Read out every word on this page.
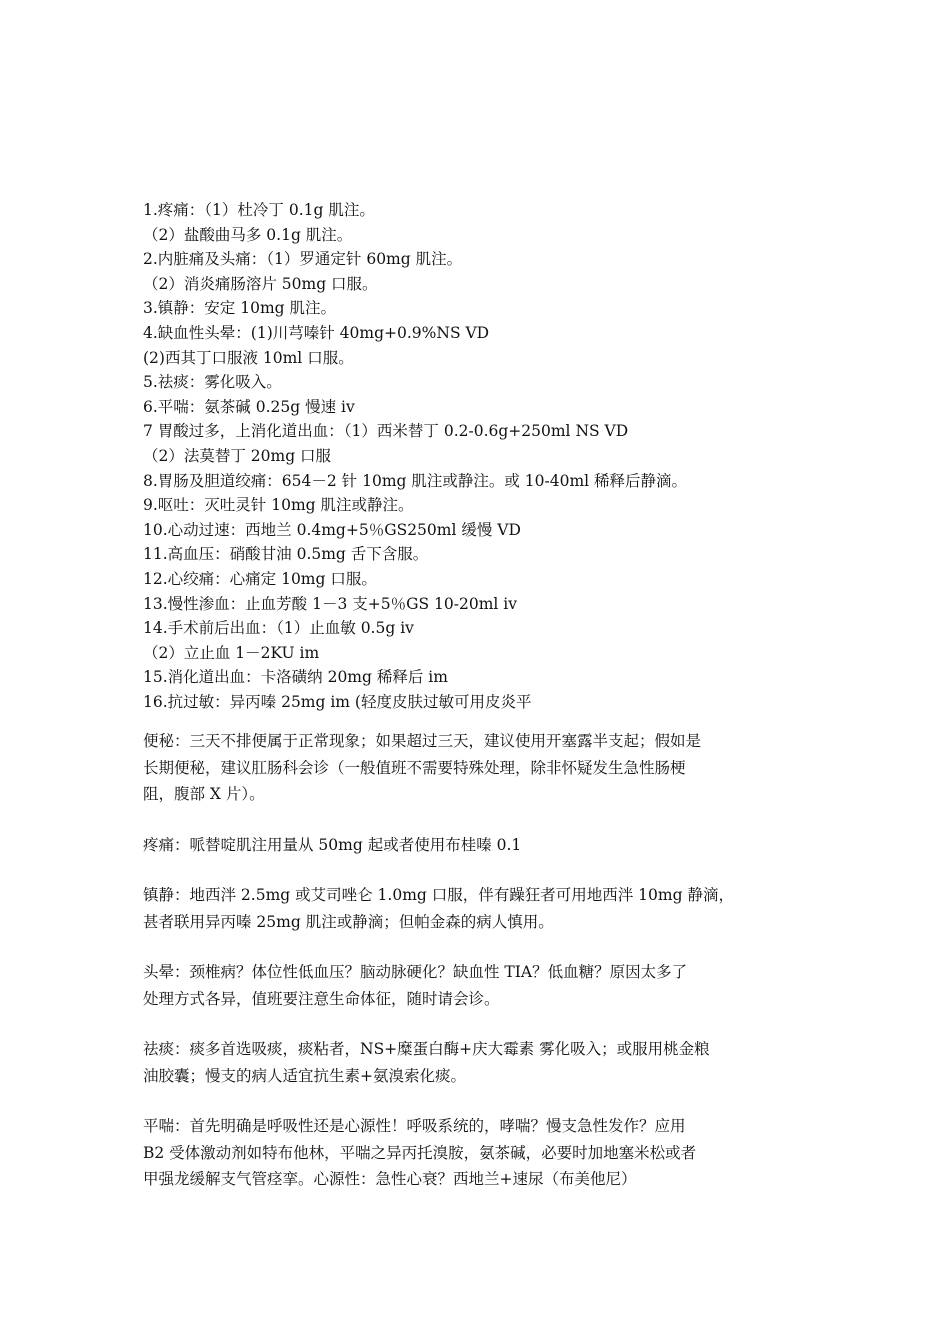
1.疼痛：（1）杜冷丁 0.1g 肌注。
（2）盐酸曲马多 0.1g 肌注。
2.内脏痛及头痛：（1）罗通定针 60mg 肌注。
（2）消炎痛肠溶片 50mg 口服。
3.镇静：安定 10mg 肌注。
4.缺血性头晕：(1)川芎嗪针 40mg+0.9%NS VD
(2)西其丁口服液 10ml 口服。
5.祛痰：雾化吸入。
6.平喘：氨茶碱 0.25g 慢速 iv
7 胃酸过多，上消化道出血：（1）西米替丁 0.2-0.6g+250ml NS VD
（2）法莫替丁 20mg 口服
8.胃肠及胆道绞痛：654－2 针 10mg 肌注或静注。或 10-40ml 稀释后静滴。
9.呕吐：灭吐灵针 10mg 肌注或静注。
10.心动过速：西地兰 0.4mg+5％GS250ml 缓慢 VD
11.高血压：硝酸甘油 0.5mg 舌下含服。
12.心绞痛：心痛定 10mg 口服。
13.慢性渗血：止血芳酸 1－3 支+5％GS 10-20ml iv
14.手术前后出血：（1）止血敏 0.5g iv
（2）立止血 1－2KU im
15.消化道出血：卡洛磺纳 20mg 稀释后 im
16.抗过敏：异丙嗪 25mg im (轻度皮肤过敏可用皮炎平
便秘：三天不排便属于正常现象；如果超过三天，建议使用开塞露半支起；假如是
长期便秘，建议肛肠科会诊（一般值班不需要特殊处理，除非怀疑发生急性肠梗
阻，腹部 X 片）。
疼痛：哌替啶肌注用量从 50mg 起或者使用布桂嗪 0.1
镇静：地西泮 2.5mg 或艾司唑仑 1.0mg 口服，伴有躁狂者可用地西泮 10mg 静滴，
甚者联用异丙嗪 25mg 肌注或静滴；但帕金森的病人慎用。
头晕：颈椎病？体位性低血压？脑动脉硬化？缺血性 TIA？低血糖？原因太多了
处理方式各异，值班要注意生命体征，随时请会诊。
祛痰：痰多首选吸痰，痰粘者，NS+糜蛋白酶+庆大霉素 雾化吸入；或服用桃金粮
油胶囊；慢支的病人适宜抗生素+氨溴索化痰。
平喘：首先明确是呼吸性还是心源性！呼吸系统的，哮喘？慢支急性发作？应用
B2 受体激动剂如特布他林，平喘之异丙托溴胺，氨茶碱，必要时加地塞米松或者
甲强龙缓解支气管痉挛。心源性：急性心衰？西地兰+速尿（布美他尼）
